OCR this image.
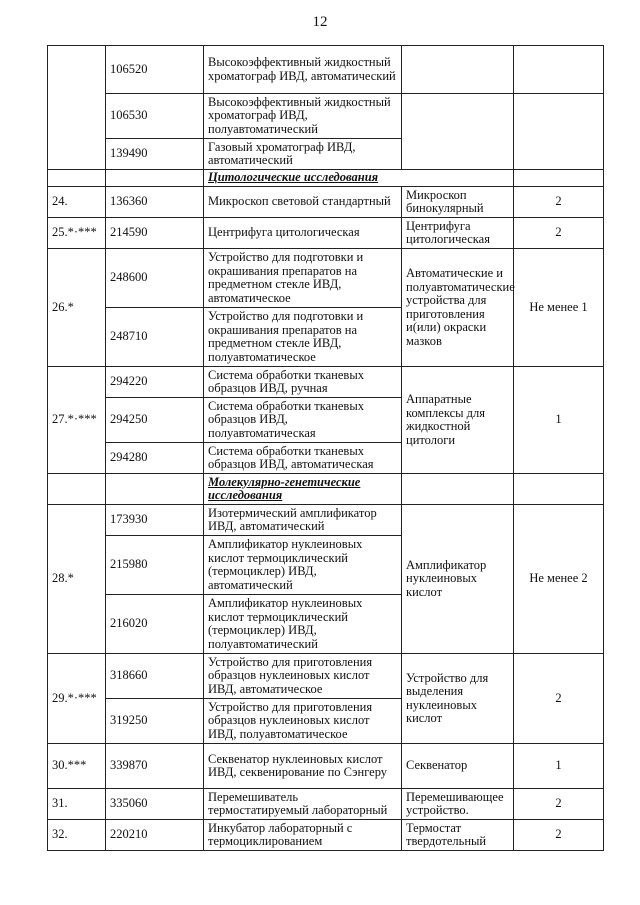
12
	106520	Высокоэффективный жидкостный хроматограф ИВД, автоматический		
	106530	Высокоэффективный жидкостный хроматограф ИВД, полуавтоматический		
	139490	Газовый хроматограф ИВД, автоматический		
		Цитологические исследования		
24.	136360	Микроскоп световой стандартный	Микроскоп бинокулярный	2
25.*·***	214590	Центрифуга цитологическая	Центрифуга цитологическая	2
26.*	248600	Устройство для подготовки и окрашивания препаратов на предметном стекле ИВД, автоматическое	Автоматические и полуавтоматические устройства для приготовления и(или) окраски мазков	Не менее 1
	248710	Устройство для подготовки и окрашивания препаратов на предметном стекле ИВД, полуавтоматическое		
27.*·***	294220	Система обработки тканевых образцов ИВД, ручная	Аппаратные комплексы для жидкостной цитологи	1
	294250	Система обработки тканевых образцов ИВД, полуавтоматическая		
	294280	Система обработки тканевых образцов ИВД, автоматическая		
		Молекулярно-генетические исследования		
28.*	173930	Изотермический амплификатор ИВД, автоматический	Амплификатор нуклеиновых кислот	Не менее 2
	215980	Амплификатор нуклеиновых кислот термоциклический (термоциклер) ИВД, автоматический		
	216020	Амплификатор нуклеиновых кислот термоциклический (термоциклер) ИВД, полуавтоматический		
29.*·***	318660	Устройство для приготовления образцов нуклеиновых кислот ИВД, автоматическое	Устройство для выделения нуклеиновых кислот	2
	319250	Устройство для приготовления образцов нуклеиновых кислот ИВД, полуавтоматическое		
30.***	339870	Секвенатор нуклеиновых кислот ИВД, секвенирование по Сэнгеру	Секвенатор	1
31.	335060	Перемешиватель термостатируемый лабораторный	Перемешивающее устройство.	2
32.	220210	Инкубатор лабораторный с термоциклированием	Термостат твердотельный	2
